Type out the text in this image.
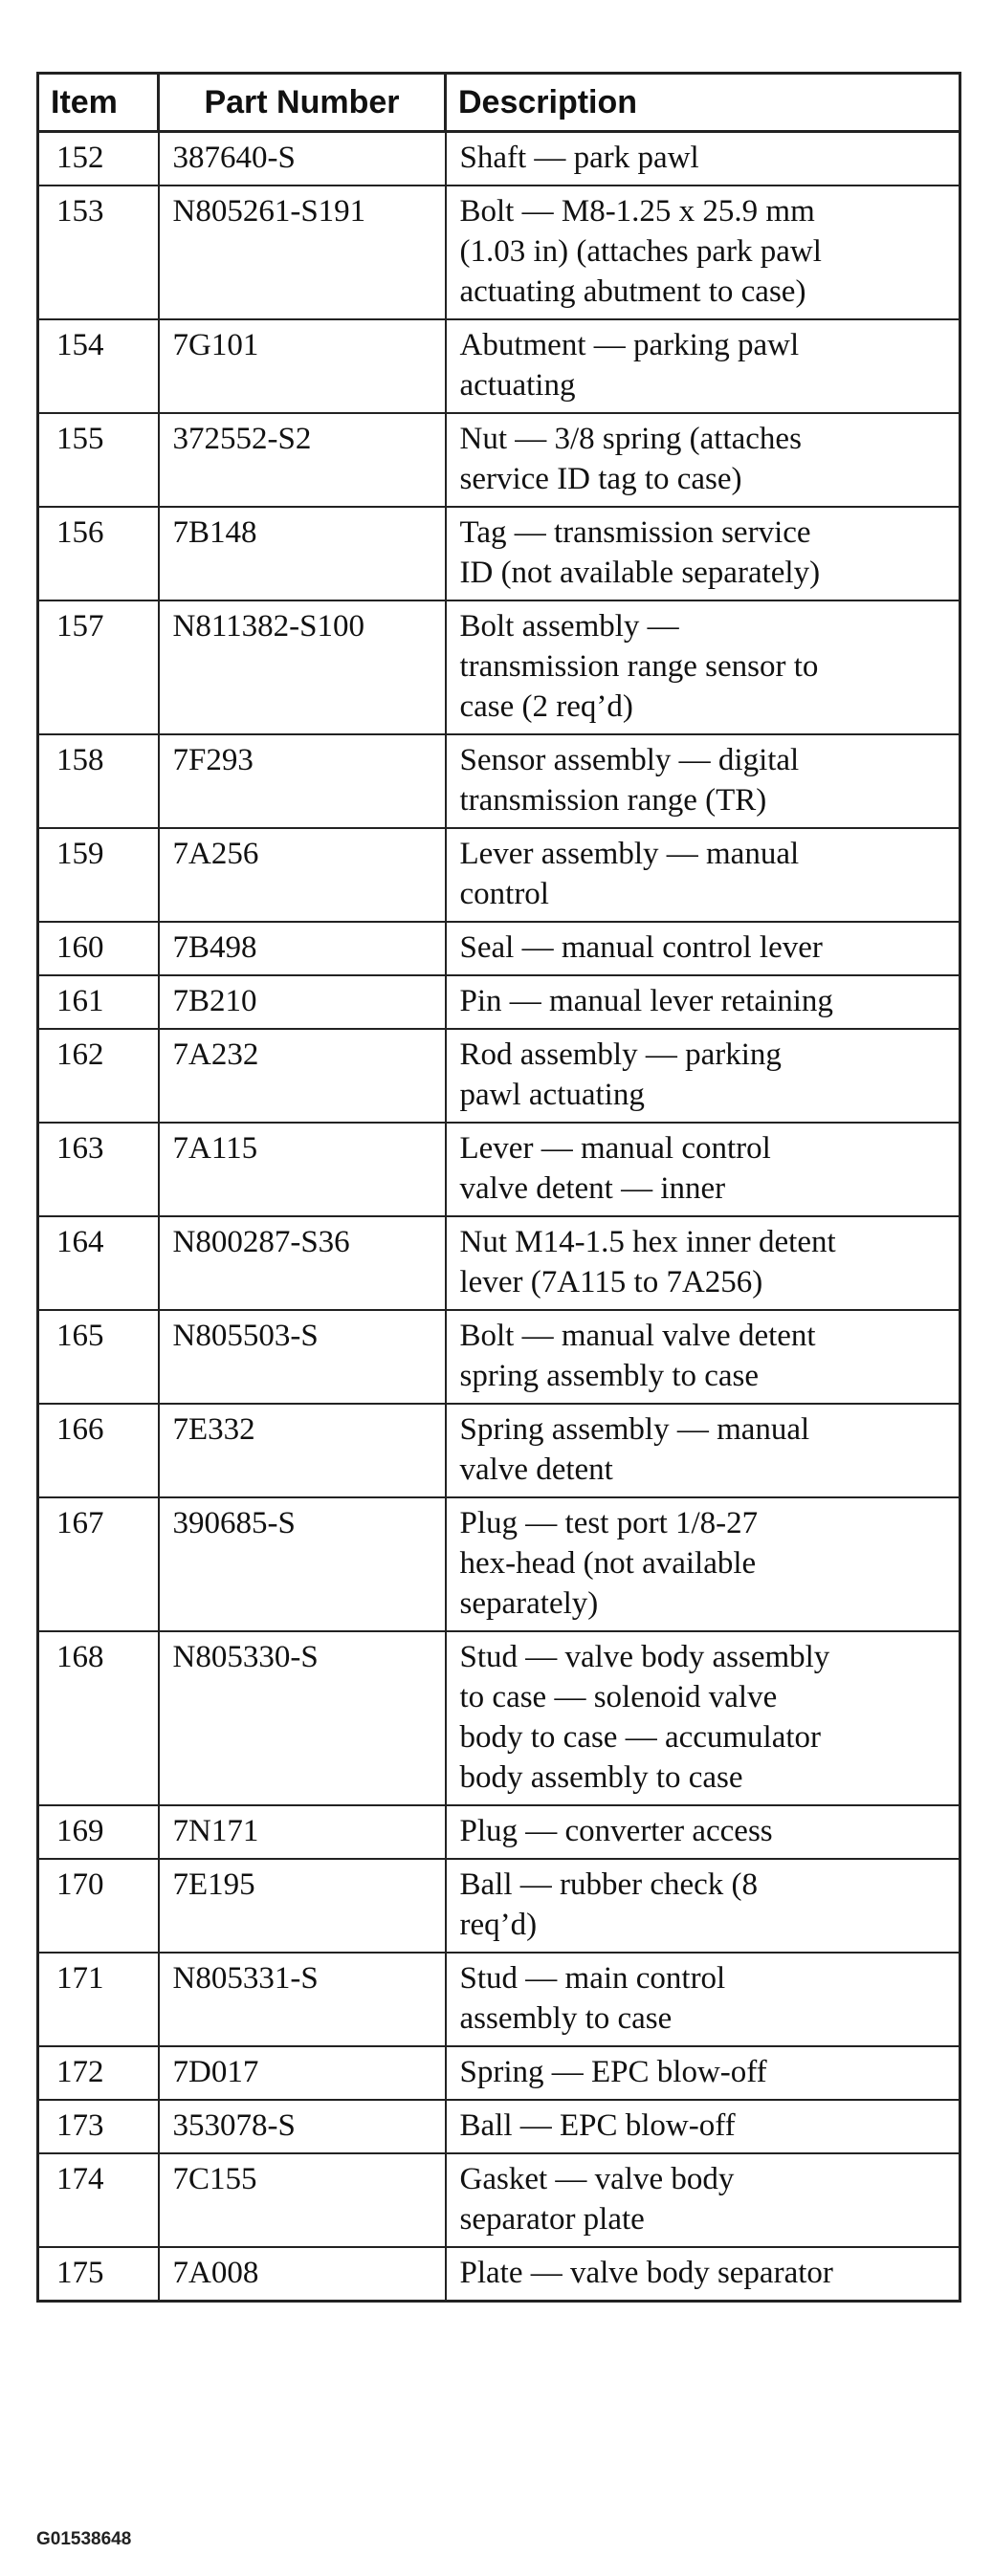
Item	Part Number	Description
152	387640-S	Shaft — park pawl
153	N805261-S191	Bolt — M8-1.25 x 25.9 mm
(1.03 in) (attaches park pawl
actuating abutment to case)
154	7G101	Abutment — parking pawl
actuating
155	372552-S2	Nut — 3/8 spring (attaches
service ID tag to case)
156	7B148	Tag — transmission service
ID (not available separately)
157	N811382-S100	Bolt assembly —
transmission range sensor to
case (2 req’d)
158	7F293	Sensor assembly — digital
transmission range (TR)
159	7A256	Lever assembly — manual
control
160	7B498	Seal — manual control lever
161	7B210	Pin — manual lever retaining
162	7A232	Rod assembly — parking
pawl actuating
163	7A115	Lever — manual control
valve detent — inner
164	N800287-S36	Nut M14-1.5 hex inner detent
lever (7A115 to 7A256)
165	N805503-S	Bolt — manual valve detent
spring assembly to case
166	7E332	Spring assembly — manual
valve detent
167	390685-S	Plug — test port 1/8-27
hex-head (not available
separately)
168	N805330-S	Stud — valve body assembly
to case — solenoid valve
body to case — accumulator
body assembly to case
169	7N171	Plug — converter access
170	7E195	Ball — rubber check (8
req’d)
171	N805331-S	Stud — main control
assembly to case
172	7D017	Spring — EPC blow-off
173	353078-S	Ball — EPC blow-off
174	7C155	Gasket — valve body
separator plate
175	7A008	Plate — valve body separator
G01538648
